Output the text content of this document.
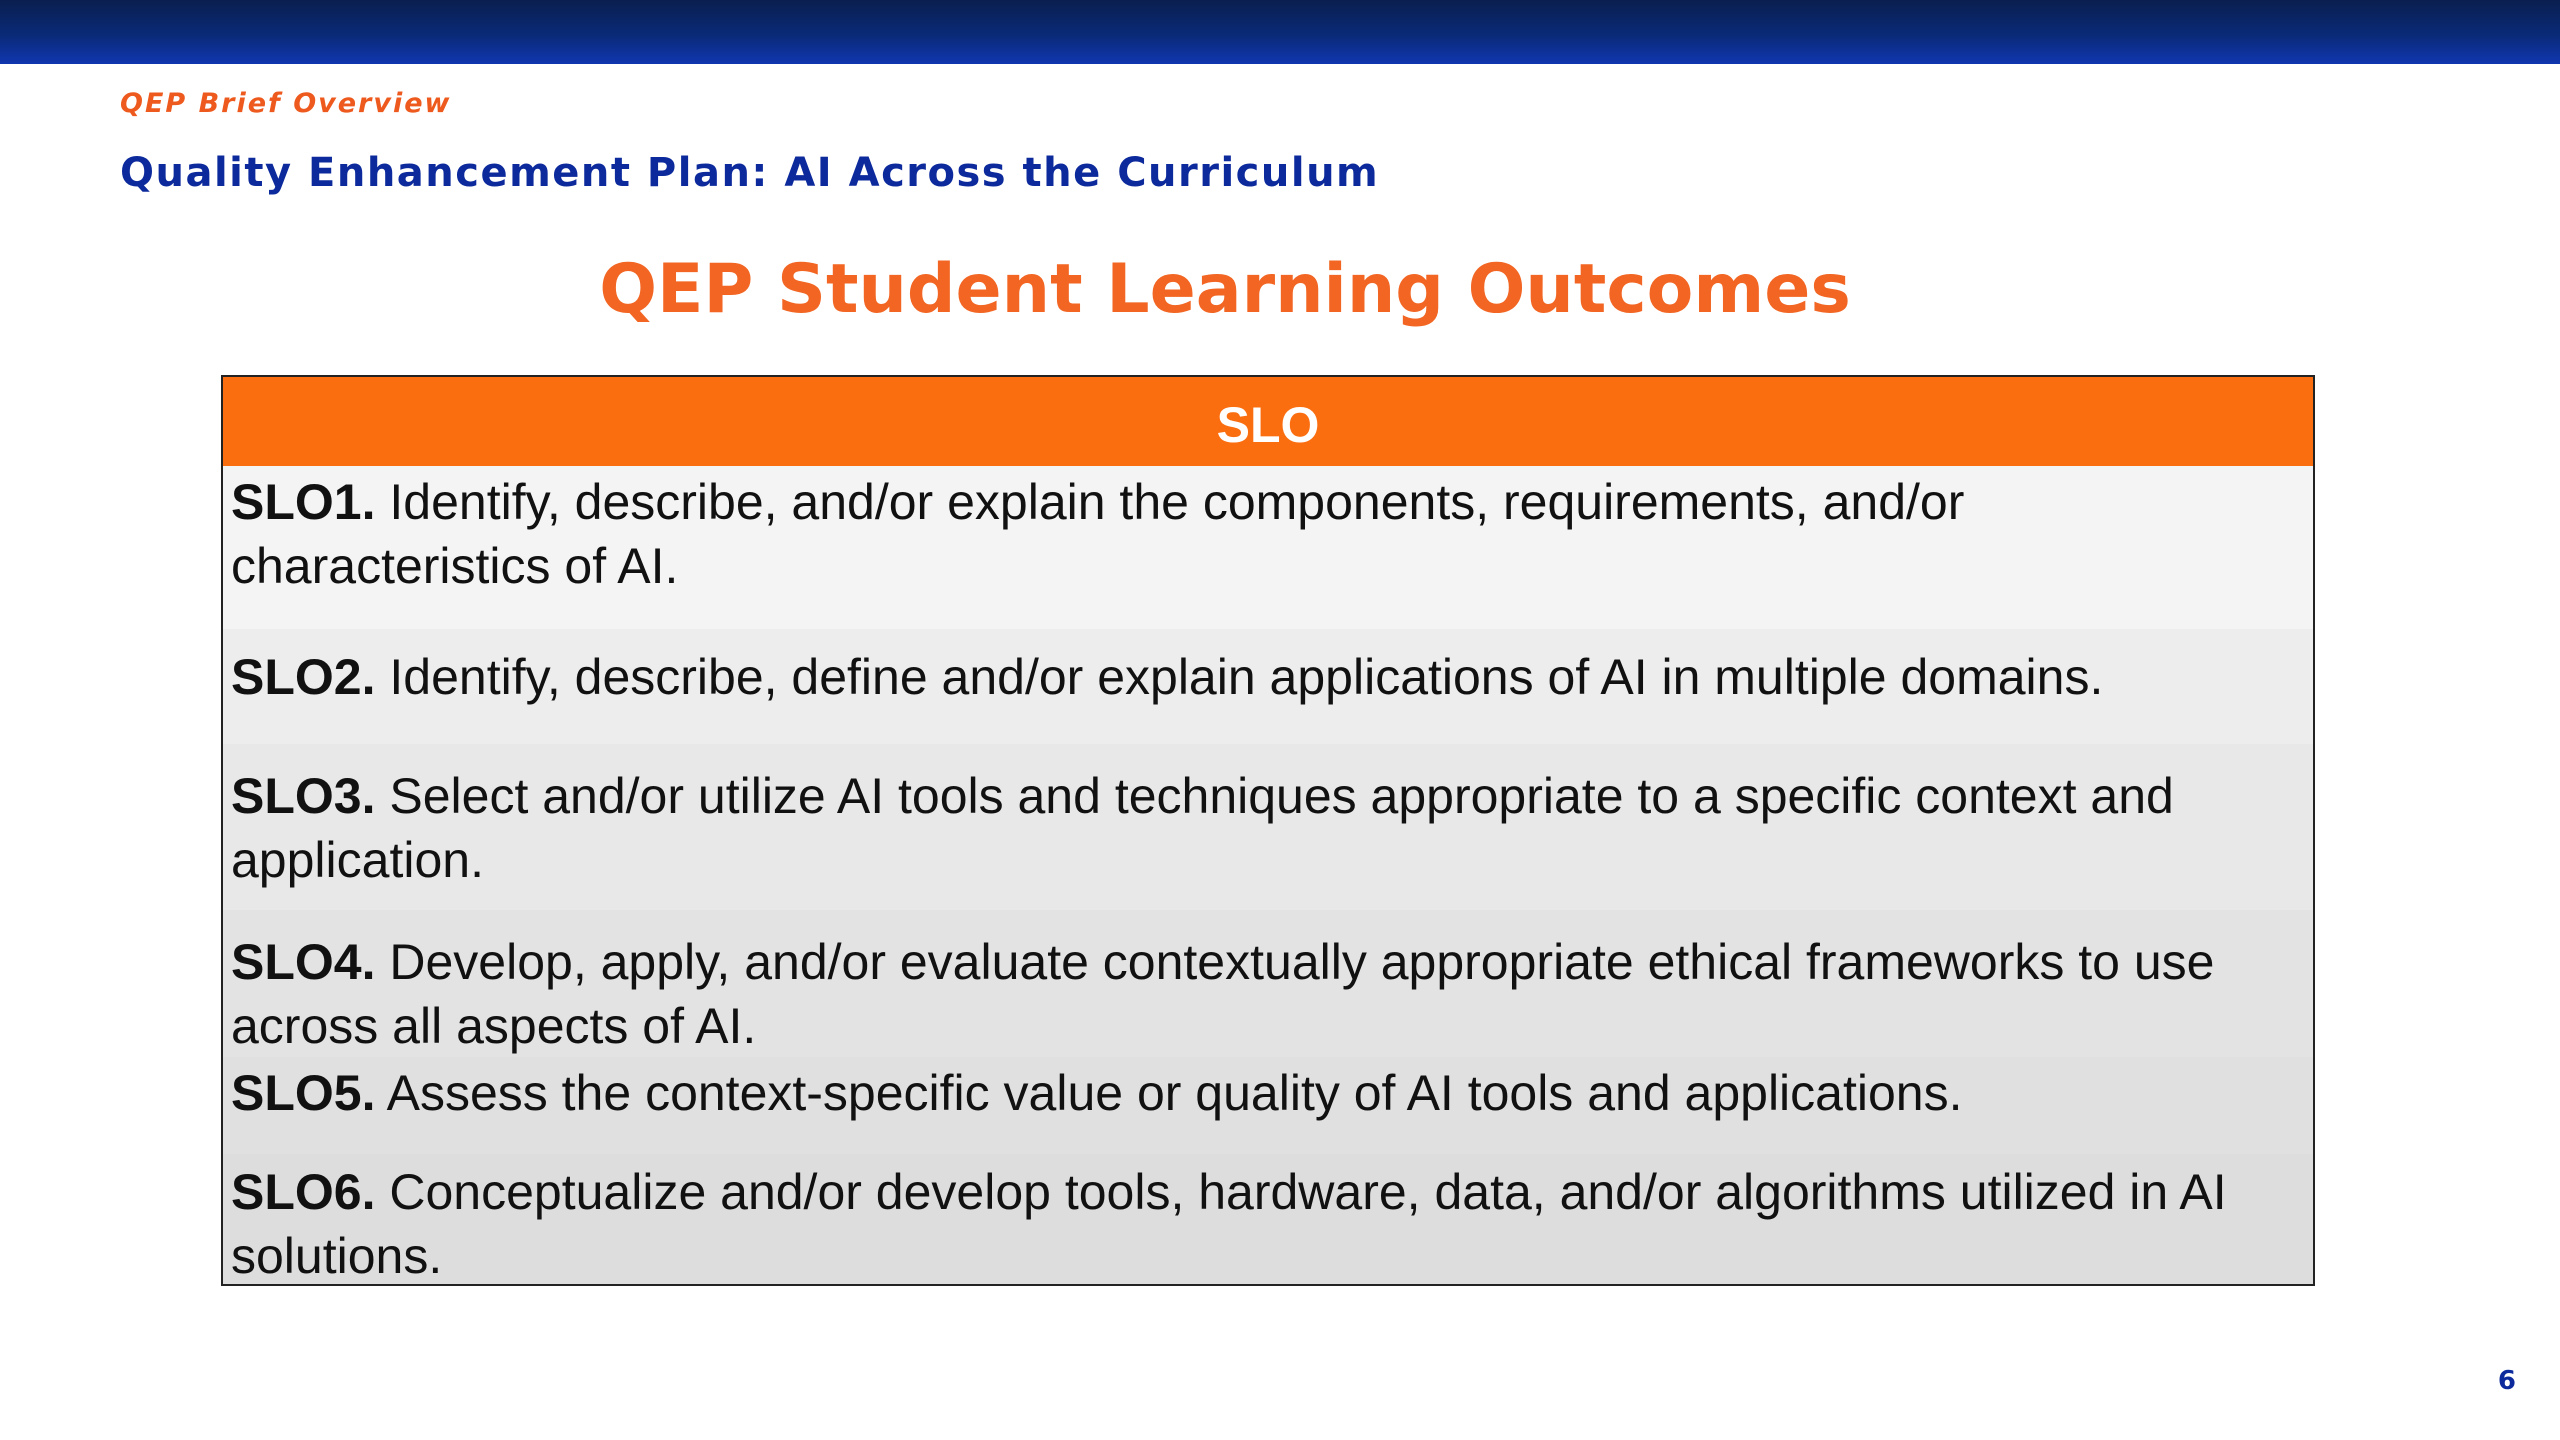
QEP Brief Overview
Quality Enhancement Plan: AI Across the Curriculum
QEP Student Learning Outcomes
SLO
SLO1. Identify, describe, and/or explain the components, requirements, and/or characteristics of AI.
SLO2. Identify, describe, define and/or explain applications of AI in multiple domains.
SLO3. Select and/or utilize AI tools and techniques appropriate to a specific context and application.
SLO4. Develop, apply, and/or evaluate contextually appropriate ethical frameworks to use across all aspects of AI.
SLO5. Assess the context-specific value or quality of AI tools and applications.
SLO6. Conceptualize and/or develop tools, hardware, data, and/or algorithms utilized in AI solutions.
6
